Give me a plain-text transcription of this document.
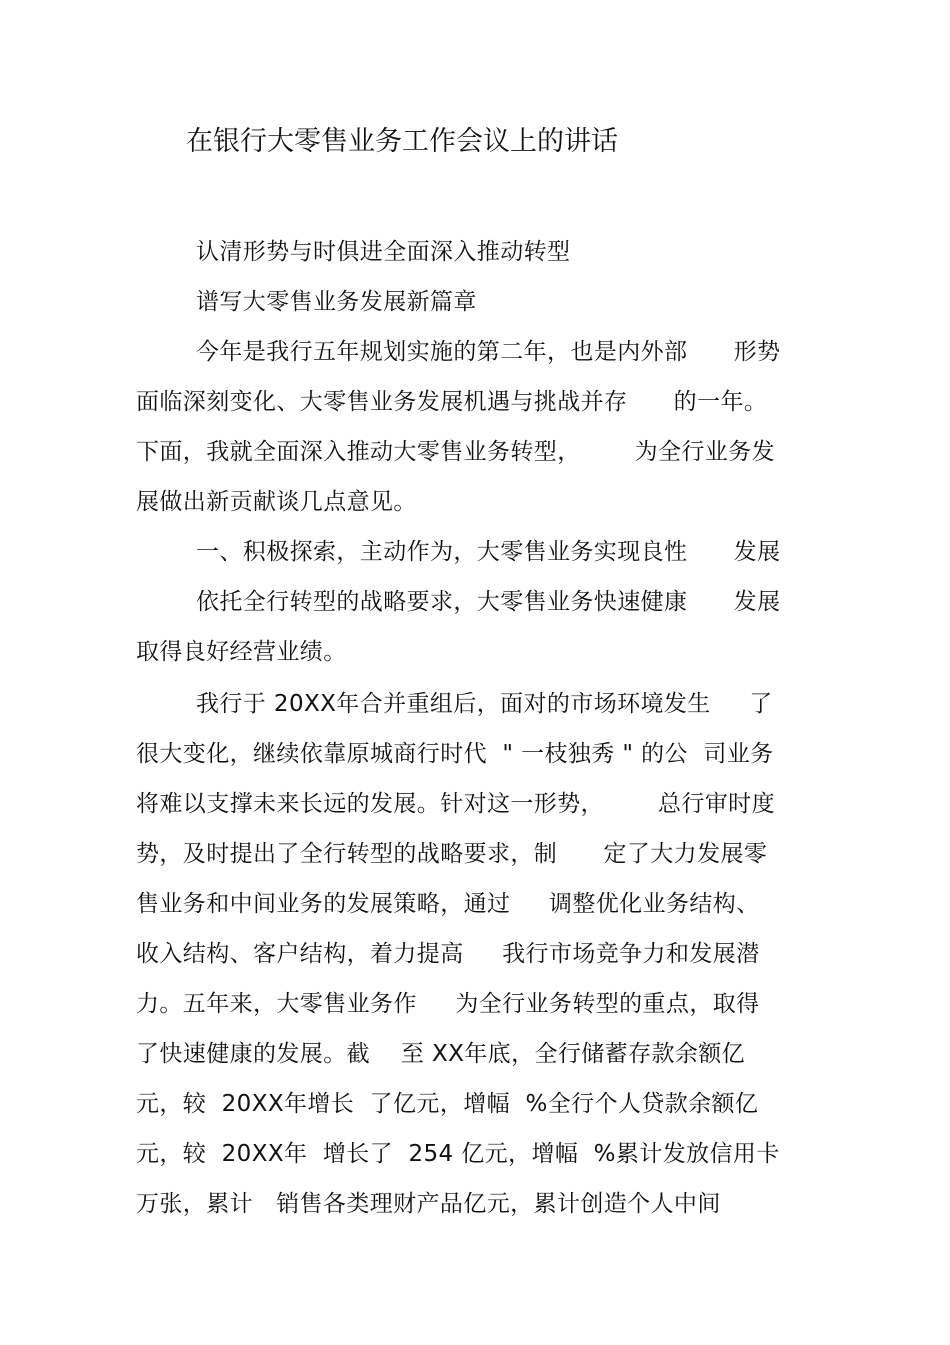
在银行大零售业务工作会议上的讲话
认清形势与时俱进全面深入推动转型
谱写大零售业务发展新篇章
今年是我行五年规划实施的第二年，也是内外部      形势
面临深刻变化、大零售业务发展机遇与挑战并存      的一年。
下面，我就全面深入推动大零售业务转型，       为全行业务发
展做出新贡献谈几点意见。
一、积极探索，主动作为，大零售业务实现良性      发展
依托全行转型的战略要求，大零售业务快速健康      发展
取得良好经营业绩。
我行于 20XX年合并重组后，面对的市场环境发生     了
很大变化，继续依靠原城商行时代  " 一枝独秀 " 的公  司业务
将难以支撑未来长远的发展。针对这一形势，       总行审时度
势，及时提出了全行转型的战略要求，制      定了大力发展零
售业务和中间业务的发展策略，通过     调整优化业务结构、
收入结构、客户结构，着力提高     我行市场竞争力和发展潜
力。五年来，大零售业务作     为全行业务转型的重点，取得
了快速健康的发展。截    至 XX年底，全行储蓄存款余额亿
元，较  20XX年增长  了亿元，增幅  %全行个人贷款余额亿
元，较  20XX年  增长了  254 亿元，增幅  %累计发放信用卡
万张，累计   销售各类理财产品亿元，累计创造个人中间
